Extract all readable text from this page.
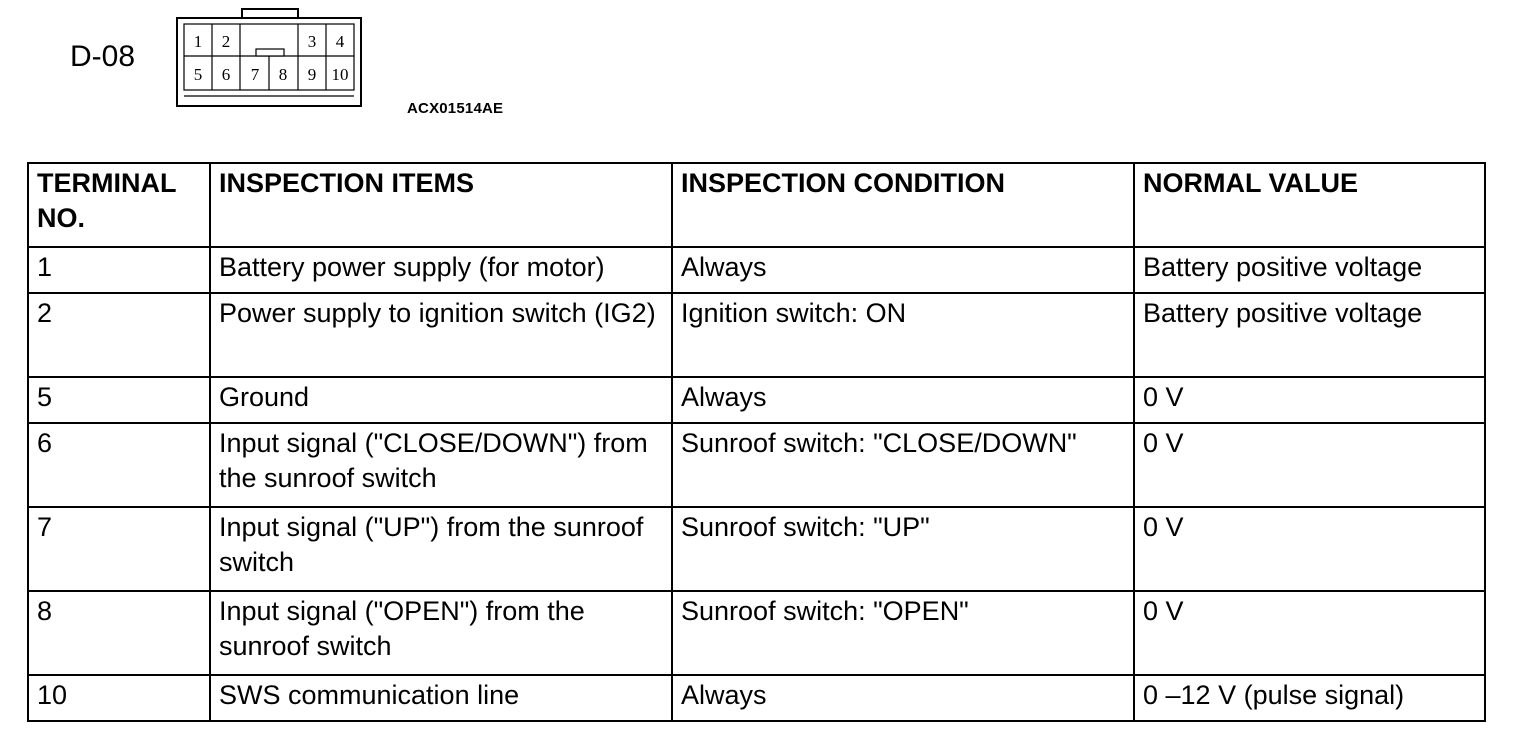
D-08	1 2	3 4
5 6 7 8 9 10
ACX01514AE
TERMINAL NO.	INSPECTION ITEMS	INSPECTION CONDITION	NORMAL VALUE
1	Battery power supply (for motor)	Always	Battery positive voltage
2	Power supply to ignition switch (IG2)	Ignition switch: ON	Battery positive voltage
5	Ground	Always	0 V
6	Input signal ("CLOSE/DOWN") from the sunroof switch	Sunroof switch: "CLOSE/DOWN"	0 V
7	Input signal ("UP") from the sunroof switch	Sunroof switch: "UP"	0 V
8	Input signal ("OPEN") from the sunroof switch	Sunroof switch: "OPEN"	0 V
10	SWS communication line	Always	0 –12 V (pulse signal)
